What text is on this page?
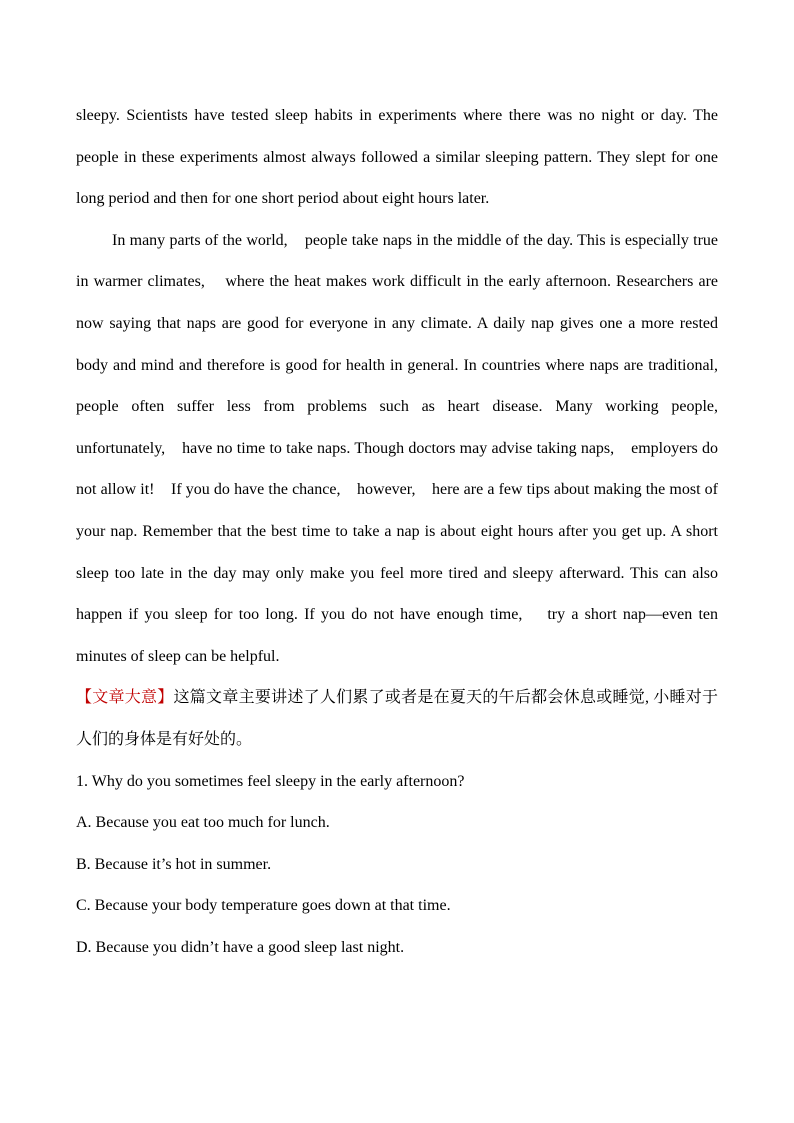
sleepy. Scientists have tested sleep habits in experiments where there was no night or day. The people in these experiments almost always followed a similar sleeping pattern. They slept for one long period and then for one short period about eight hours later.

In many parts of the world,    people take naps in the middle of the day. This is especially true in warmer climates,    where the heat makes work difficult in the early afternoon. Researchers are now saying that naps are good for everyone in any climate. A daily nap gives one a more rested body and mind and therefore is good for health in general. In countries where naps are traditional,    people often suffer less from problems such as heart disease. Many working people,    unfortunately,    have no time to take naps. Though doctors may advise taking naps,    employers do not allow it!    If you do have the chance,    however,    here are a few tips about making the most of your nap. Remember that the best time to take a nap is about eight hours after you get up. A short sleep too late in the day may only make you feel more tired and sleepy afterward. This can also happen if you sleep for too long. If you do not have enough time,    try a short nap—even ten minutes of sleep can be helpful.

【文章大意】这篇文章主要讲述了人们累了或者是在夏天的午后都会休息或睡觉, 小睡对于人们的身体是有好处的。

1. Why do you sometimes feel sleepy in the early afternoon?

A. Because you eat too much for lunch.

B. Because it’s hot in summer.

C. Because your body temperature goes down at that time.

D. Because you didn’t have a good sleep last night.
